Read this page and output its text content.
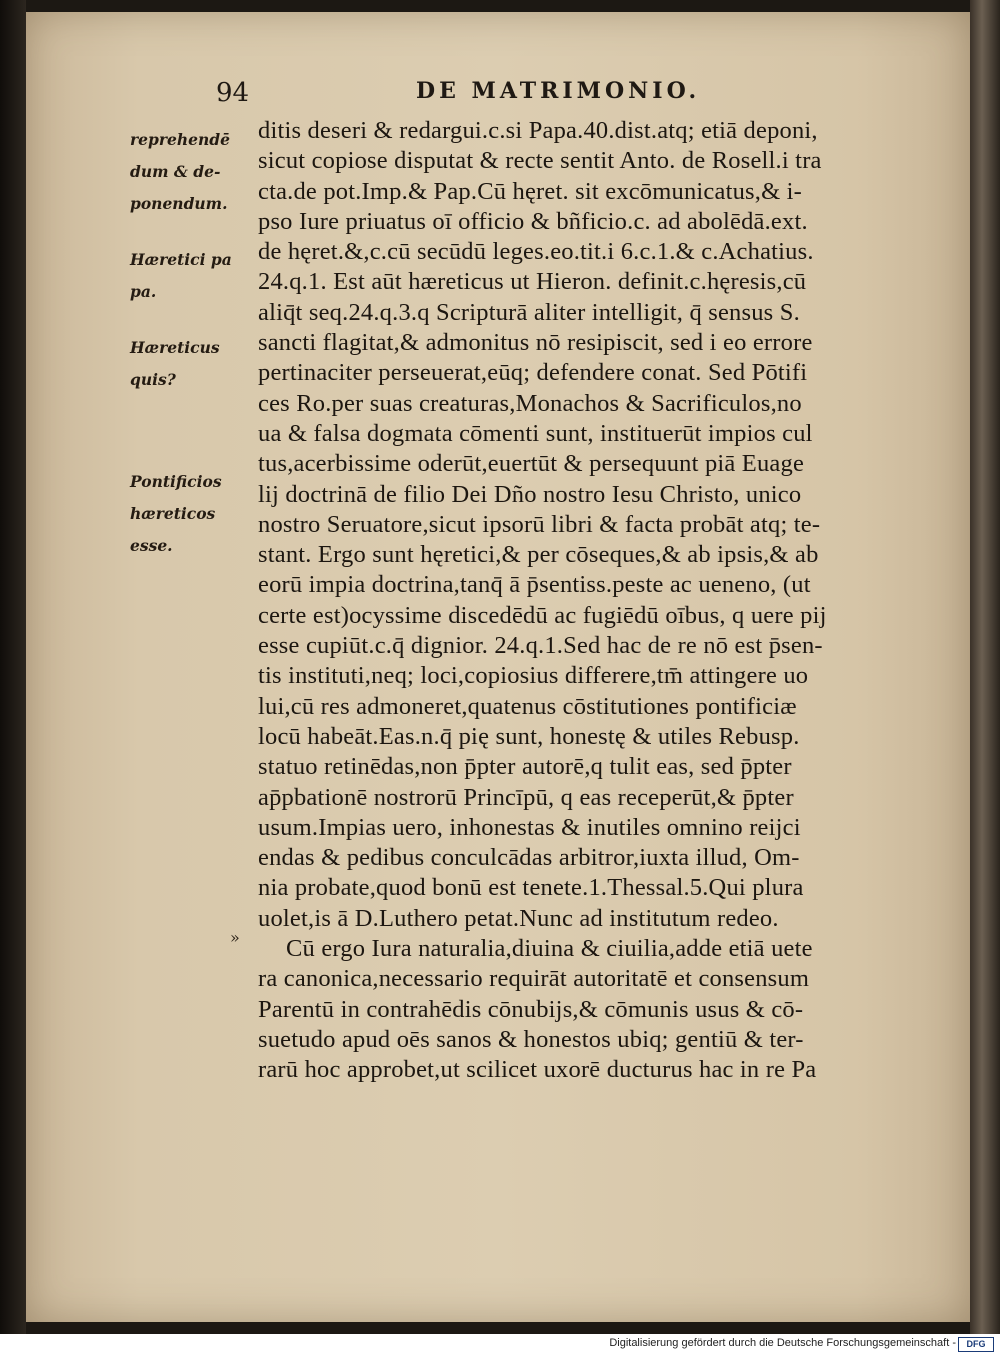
94	DE MATRIMONIO.
reprehendē
dum & de-
ponendum.
Hæretici pa
pa.
Hæreticus
quis?
Pontificios
hæreticos
esse.
»
ditis deseri & redargui.c.si Papa.40.dist.atq; etiā deponi,
sicut copiose disputat & recte sentit Anto. de Rosell.i tra
cta.de pot.Imp.& Pap.Cū hęret. sit excōmunicatus,& i-
pso Iure priuatus oī officio & bñficio.c. ad abolēdā.ext.
de hęret.&,c.cū secūdū leges.eo.tit.i 6.c.1.& c.Achatius.
24.q.1. Est aūt hæreticus ut Hieron. definit.c.hęresis,cū
aliq̄t seq.24.q.3.q Scripturā aliter intelligit, q̄ sensus S.
sancti flagitat,& admonitus nō resipiscit, sed i eo errore
pertinaciter perseuerat,eūq; defendere conat. Sed Pōtifi
ces Ro.per suas creaturas,Monachos & Sacrificulos,no
ua & falsa dogmata cōmenti sunt, instituerūt impios cul
tus,acerbissime oderūt,euertūt & persequunt piā Euage
lij doctrinā de filio Dei Dño nostro Iesu Christo, unico
nostro Seruatore,sicut ipsorū libri & facta probāt atq; te-
stant. Ergo sunt hęretici,& per cōseques,& ab ipsis,& ab
eorū impia doctrina,tanq̄ ā p̄sentiss.peste ac ueneno, (ut
certe est)ocyssime discedēdū ac fugiēdū oībus, q uere pij
esse cupiūt.c.q̄ dignior. 24.q.1.Sed hac de re nō est p̄sen-
tis instituti,neq; loci,copiosius differere,tm̄ attingere uo
lui,cū res admoneret,quatenus cōstitutiones pontificiæ
locū habeāt.Eas.n.q̄ pię sunt, honestę & utiles Rebusp.
statuo retinēdas,non p̄pter autorē,q tulit eas, sed p̄pter
ap̄pbationē nostrorū Princīpū, q eas receperūt,& p̄pter
usum.Impias uero, inhonestas & inutiles omnino reijci
endas & pedibus conculcādas arbitror,iuxta illud, Om-
nia probate,quod bonū est tenete.1.Thessal.5.Qui plura
uolet,is ā D.Luthero petat.Nunc ad institutum redeo.
Cū ergo Iura naturalia,diuina & ciuilia,adde etiā uete
ra canonica,necessario requirāt autoritatē et consensum
Parentū in contrahēdis cōnubijs,& cōmunis usus & cō-
suetudo apud oēs sanos & honestos ubiq; gentiū & ter-
rarū hoc approbet,ut scilicet uxorē ducturus hac in re Pa
Digitalisierung gefördert durch die Deutsche Forschungsgemeinschaft -	DFG
